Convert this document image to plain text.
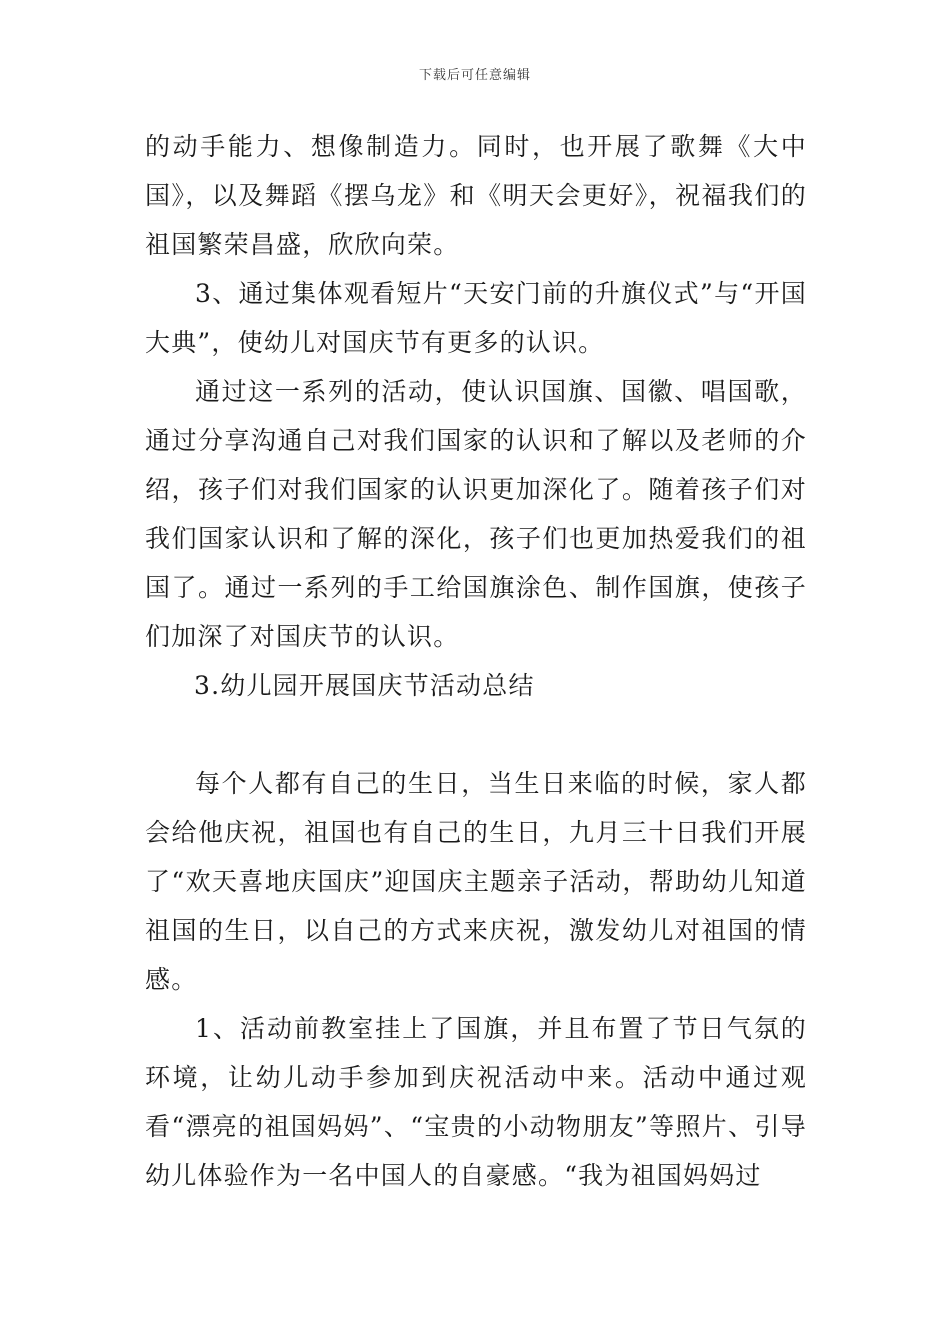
下载后可任意编辑

的动手能力、想像制造力。同时，也开展了歌舞《大中国》，以及舞蹈《摆乌龙》和《明天会更好》，祝福我们的祖国繁荣昌盛，欣欣向荣。

3、通过集体观看短片“天安门前的升旗仪式”与“开国大典”，使幼儿对国庆节有更多的认识。

通过这一系列的活动，使认识国旗、国徽、唱国歌，通过分享沟通自己对我们国家的认识和了解以及老师的介绍，孩子们对我们国家的认识更加深化了。随着孩子们对我们国家认识和了解的深化，孩子们也更加热爱我们的祖国了。通过一系列的手工给国旗涂色、制作国旗，使孩子们加深了对国庆节的认识。

3.幼儿园开展国庆节活动总结

每个人都有自己的生日，当生日来临的时候，家人都会给他庆祝，祖国也有自己的生日，九月三十日我们开展了“欢天喜地庆国庆”迎国庆主题亲子活动，帮助幼儿知道祖国的生日，以自己的方式来庆祝，激发幼儿对祖国的情感。

1、活动前教室挂上了国旗，并且布置了节日气氛的环境，让幼儿动手参加到庆祝活动中来。活动中通过观看“漂亮的祖国妈妈”、“宝贵的小动物朋友”等照片、引导幼儿体验作为一名中国人的自豪感。“我为祖国妈妈过
